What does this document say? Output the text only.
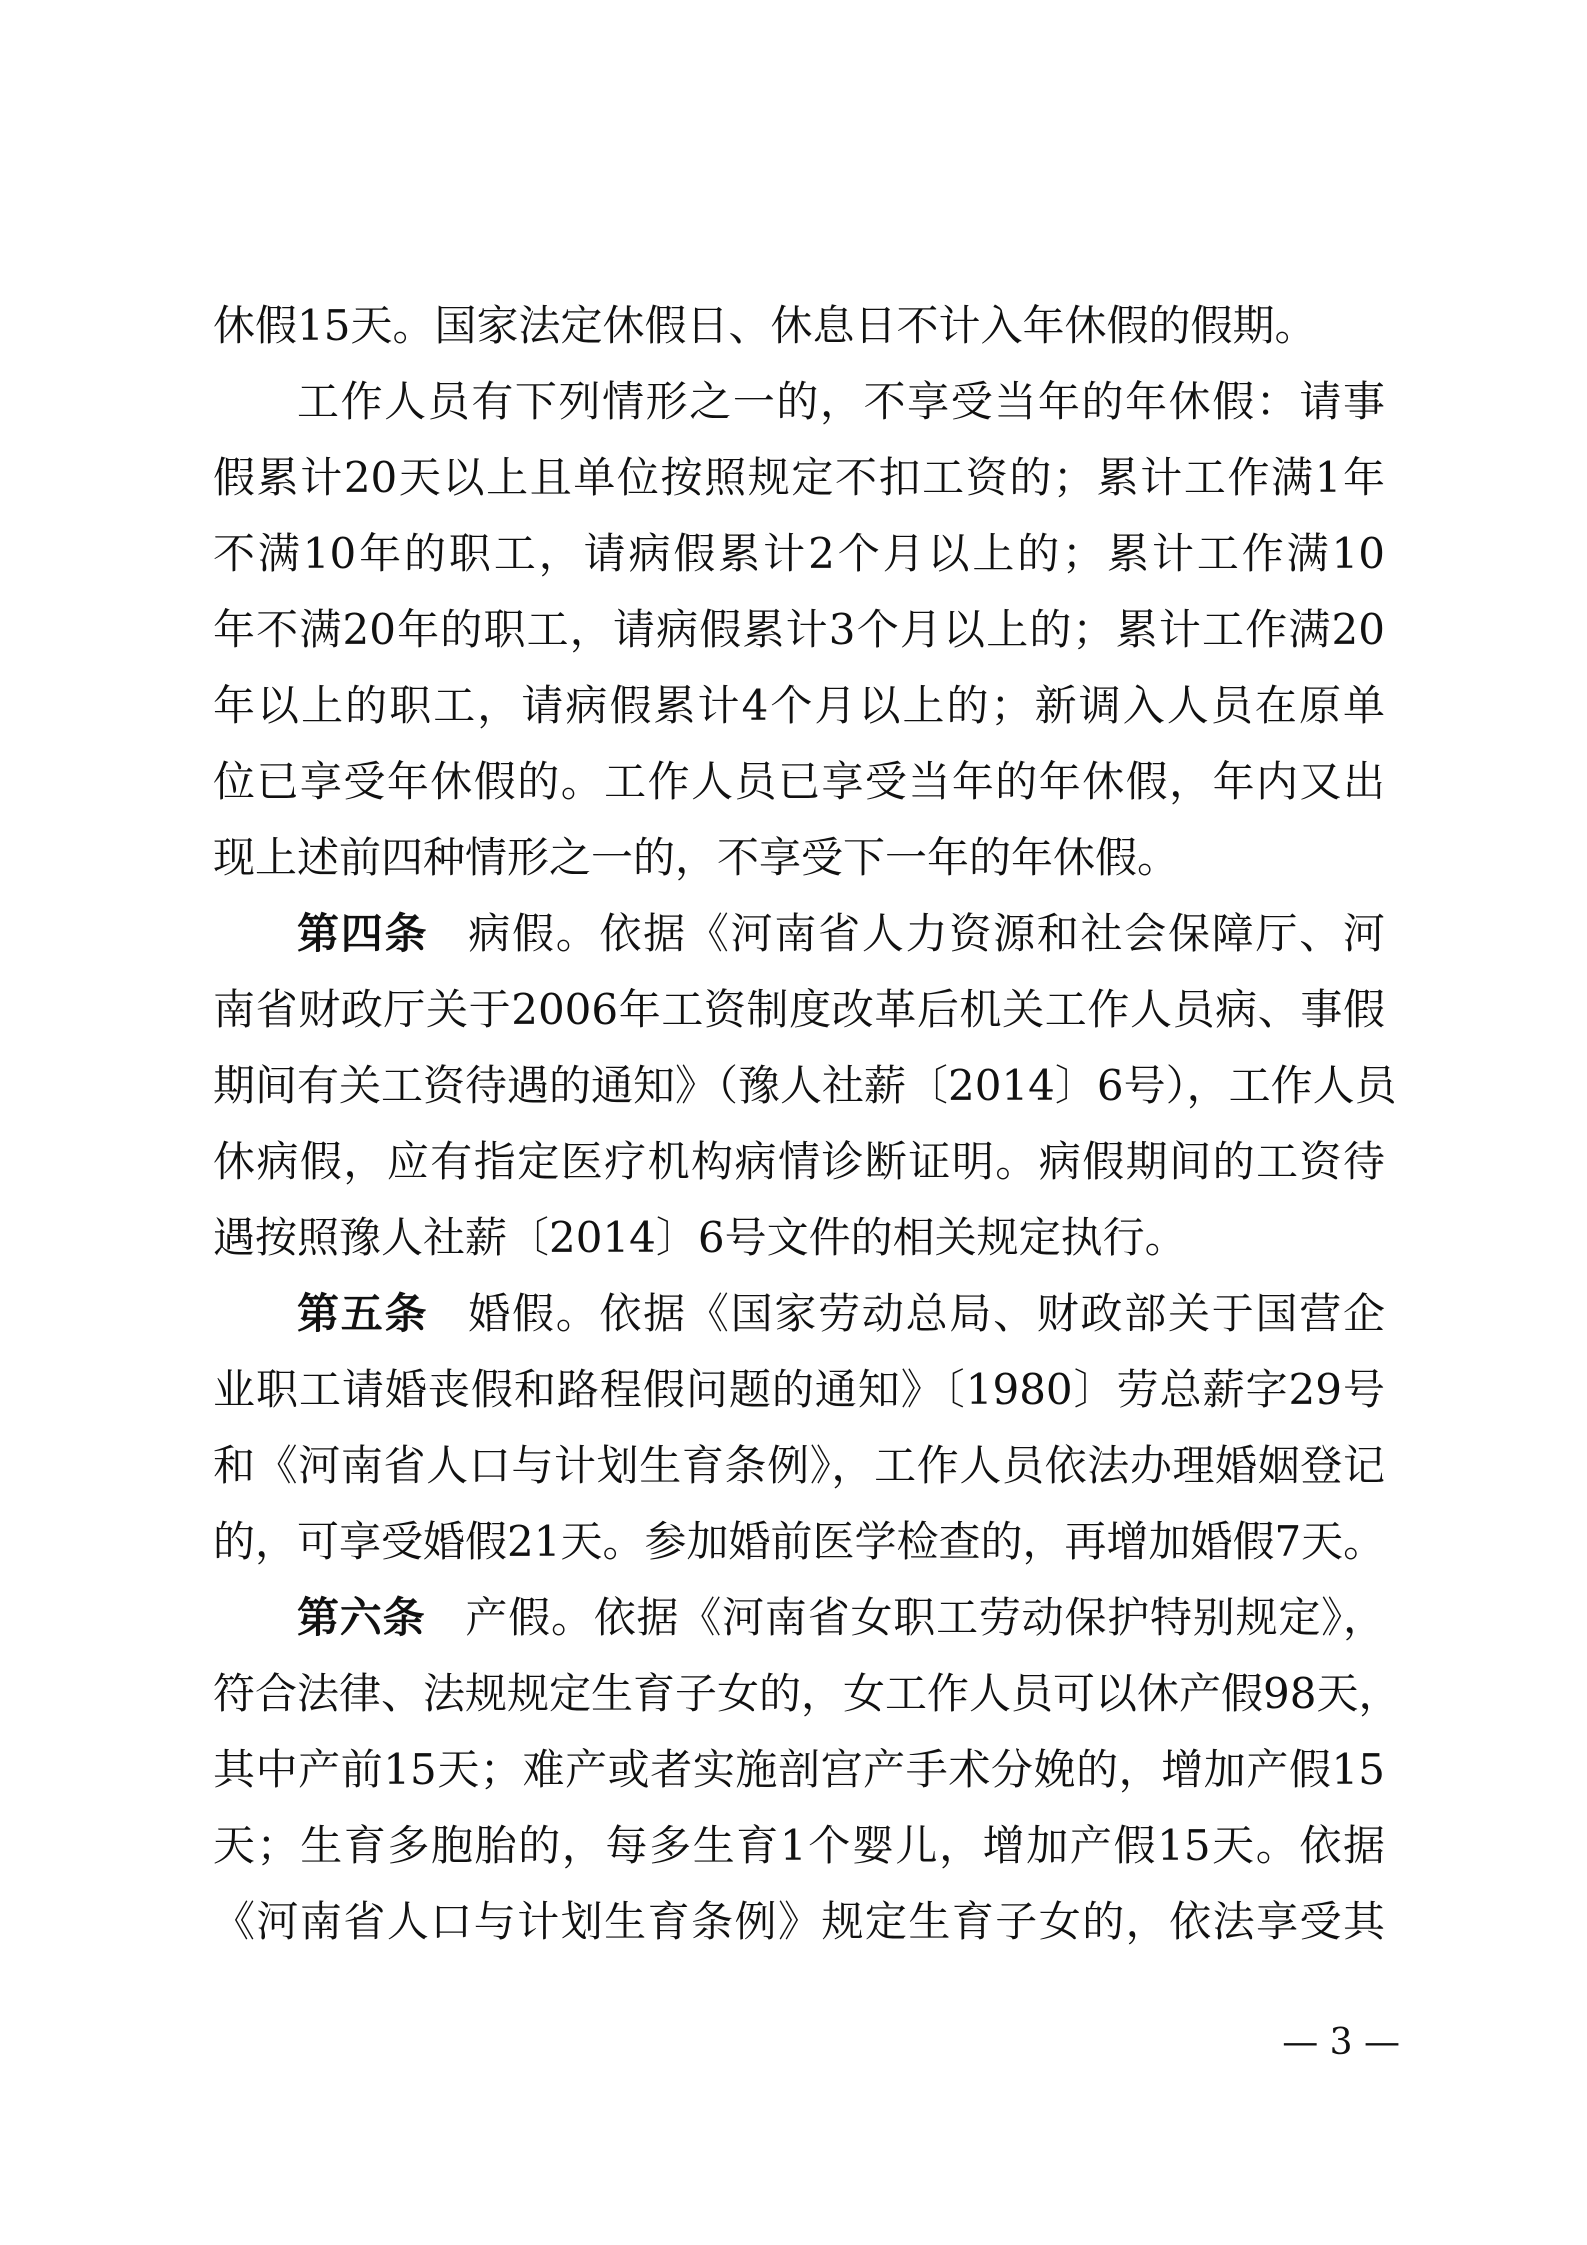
休假15天。国家法定休假日、休息日不计入年休假的假期。
工作人员有下列情形之一的，不享受当年的年休假：请事
假累计20天以上且单位按照规定不扣工资的；累计工作满1年
不满10年的职工，请病假累计2个月以上的；累计工作满10
年不满20年的职工，请病假累计3个月以上的；累计工作满20
年以上的职工，请病假累计4个月以上的；新调入人员在原单
位已享受年休假的。工作人员已享受当年的年休假，年内又出
现上述前四种情形之一的，不享受下一年的年休假。
第四条 病假。依据《河南省人力资源和社会保障厅、河
南省财政厅关于2006年工资制度改革后机关工作人员病、事假
期间有关工资待遇的通知》（豫人社薪〔2014〕6号），工作人员
休病假，应有指定医疗机构病情诊断证明。病假期间的工资待
遇按照豫人社薪〔2014〕6号文件的相关规定执行。
第五条 婚假。依据《国家劳动总局、财政部关于国营企
业职工请婚丧假和路程假问题的通知》〔1980〕劳总薪字29号
和《河南省人口与计划生育条例》，工作人员依法办理婚姻登记
的，可享受婚假21天。参加婚前医学检查的，再增加婚假7天。
第六条 产假。依据《河南省女职工劳动保护特别规定》，
符合法律、法规规定生育子女的，女工作人员可以休产假98天，
其中产前15天；难产或者实施剖宫产手术分娩的，增加产假15
天；生育多胞胎的，每多生育1个婴儿，增加产假15天。依据
《河南省人口与计划生育条例》规定生育子女的，依法享受其
— 3 —
